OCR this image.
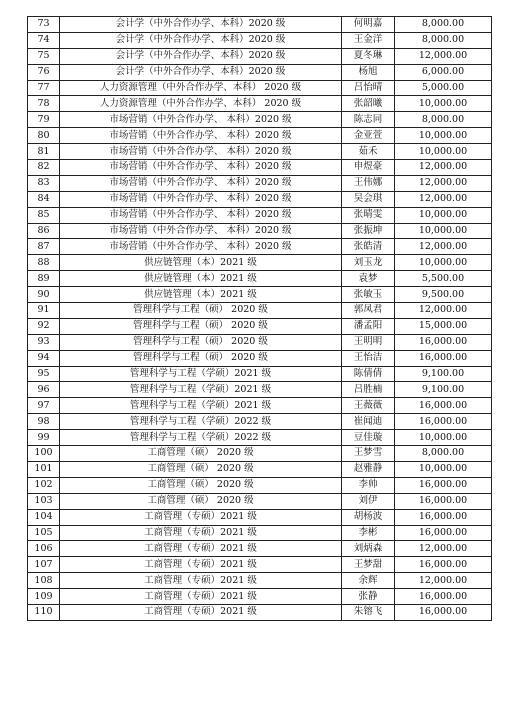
73	会计学（中外合作办学、本科）2020 级	何明嘉	8,000.00
74	会计学（中外合作办学、本科）2020 级	王金洋	8,000.00
75	会计学（中外合作办学、本科）2020 级	夏冬琳	12,000.00
76	会计学（中外合作办学、本科）2020 级	杨旭	6,000.00
77	人力资源管理（中外合作办学、本科） 2020 级	吕怡晴	5,000.00
78	人力资源管理（中外合作办学、本科） 2020 级	张韶曦	10,000.00
79	市场营销（中外合作办学、 本科）2020 级	陈志同	8,000.00
80	市场营销（中外合作办学、 本科）2020 级	金亚萱	10,000.00
81	市场营销（中外合作办学、 本科）2020 级	茹禾	10,000.00
82	市场营销（中外合作办学、 本科）2020 级	申煜豪	12,000.00
83	市场营销（中外合作办学、 本科）2020 级	王伟娜	12,000.00
84	市场营销（中外合作办学、 本科）2020 级	吴会琪	12,000.00
85	市场营销（中外合作办学、 本科）2020 级	张晴雯	10,000.00
86	市场营销（中外合作办学、 本科）2020 级	张振坤	10,000.00
87	市场营销（中外合作办学、 本科）2020 级	张皓清	12,000.00
88	供应链管理（本）2021 级	刘玉龙	10,000.00
89	供应链管理（本）2021 级	袁梦	5,500.00
90	供应链管理（本）2021 级	张敏玉	9,500.00
91	管理科学与工程（硕） 2020 级	郭凤君	12,000.00
92	管理科学与工程（硕） 2020 级	潘孟阳	15,000.00
93	管理科学与工程（硕） 2020 级	王明明	16,000.00
94	管理科学与工程（硕） 2020 级	王怡洁	16,000.00
95	管理科学与工程（学硕）2021 级	陈倩倩	9,100.00
96	管理科学与工程（学硕）2021 级	吕胜楠	9,100.00
97	管理科学与工程（学硕）2021 级	王薇薇	16,000.00
98	管理科学与工程（学硕）2022 级	崔闻迪	16,000.00
99	管理科学与工程（学硕）2022 级	豆佳璇	10,000.00
100	工商管理（硕） 2020 级	王梦雪	8,000.00
101	工商管理（硕） 2020 级	赵雅静	10,000.00
102	工商管理（硕） 2020 级	李帅	16,000.00
103	工商管理（硕） 2020 级	刘伊	16,000.00
104	工商管理（专硕）2021 级	胡杨波	16,000.00
105	工商管理（专硕）2021 级	李彬	16,000.00
106	工商管理（专硕）2021 级	刘炳森	12,000.00
107	工商管理（专硕）2021 级	王梦甜	16,000.00
108	工商管理（专硕）2021 级	余辉	12,000.00
109	工商管理（专硕）2021 级	张静	16,000.00
110	工商管理（专硕）2021 级	朱镕飞	16,000.00
